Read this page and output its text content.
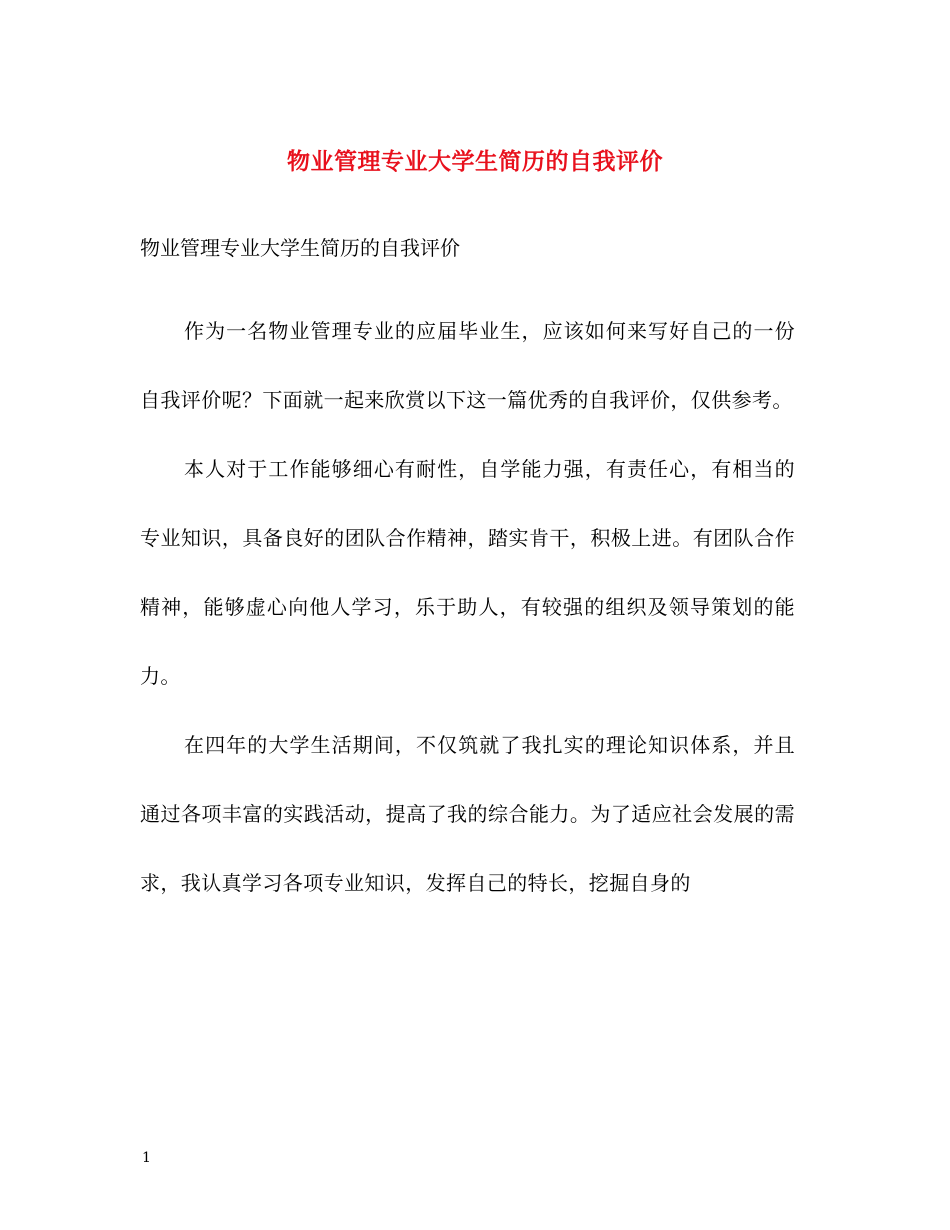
物业管理专业大学生简历的自我评价
物业管理专业大学生简历的自我评价

作为一名物业管理专业的应届毕业生，应该如何来写好自己的一份自我评价呢？下面就一起来欣赏以下这一篇优秀的自我评价，仅供参考。

本人对于工作能够细心有耐性，自学能力强，有责任心，有相当的专业知识，具备良好的团队合作精神，踏实肯干，积极上进。有团队合作精神，能够虚心向他人学习，乐于助人，有较强的组织及领导策划的能力。

在四年的大学生活期间，不仅筑就了我扎实的理论知识体系，并且通过各项丰富的实践活动，提高了我的综合能力。为了适应社会发展的需求，我认真学习各项专业知识，发挥自己的特长，挖掘自身的

1
